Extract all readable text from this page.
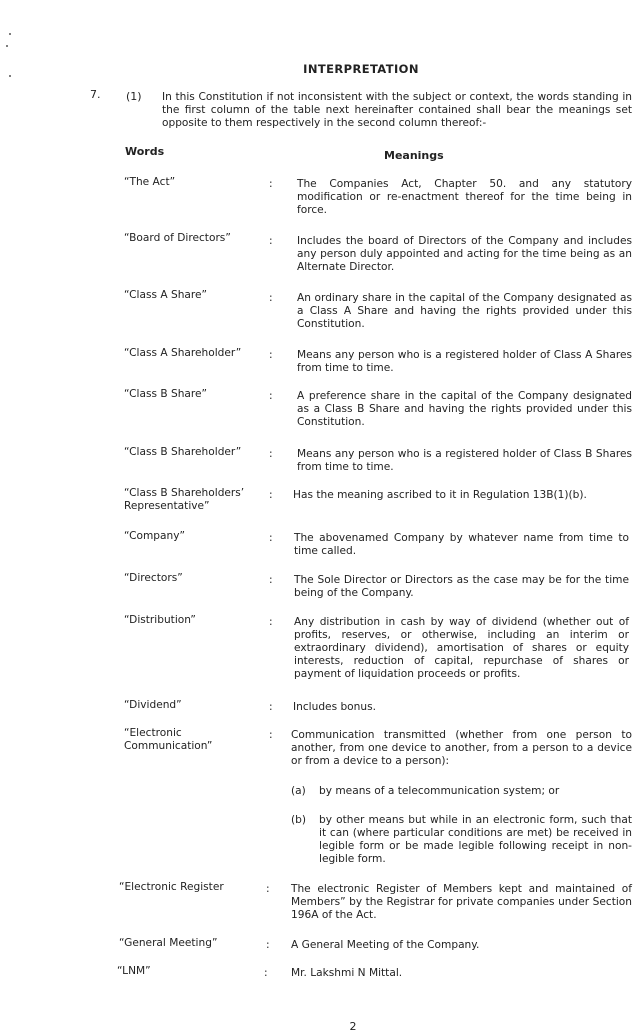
INTERPRETATION
7. (1) In this Constitution if not inconsistent with the subject or context, the words standing in the first column of the table next hereinafter contained shall bear the meanings set opposite to them respectively in the second column thereof:-
Words	Meanings
“The Act”	: The Companies Act, Chapter 50. and any statutory modification or re-enactment thereof for the time being in force.
“Board of Directors”	: Includes the board of Directors of the Company and includes any person duly appointed and acting for the time being as an Alternate Director.
“Class A Share”	: An ordinary share in the capital of the Company designated as a Class A Share and having the rights provided under this Constitution.
“Class A Shareholder”	: Means any person who is a registered holder of Class A Shares from time to time.
“Class B Share”	: A preference share in the capital of the Company designated as a Class B Share and having the rights provided under this Constitution.
“Class B Shareholder”	: Means any person who is a registered holder of Class B Shares from time to time.
“Class B Shareholders’ Representative”
: Has the meaning ascribed to it in Regulation 13B(1)(b).
“Company”	: The abovenamed Company by whatever name from time to time called.
“Directors”	: The Sole Director or Directors as the case may be for the time being of the Company.
“Distribution”	: Any distribution in cash by way of dividend (whether out of profits, reserves, or otherwise, including an interim or extraordinary dividend), amortisation of shares or equity interests, reduction of capital, repurchase of shares or payment of liquidation proceeds or profits.
“Dividend”	: Includes bonus.
“Electronic Communication”
: Communication transmitted (whether from one person to another, from one device to another, from a person to a device or from a device to a person):
(a) by means of a telecommunication system; or
(b) by other means but while in an electronic form, such that it can (where particular conditions are met) be received in legible form or be made legible following receipt in non-legible form.
“Electronic Register	: The electronic Register of Members kept and maintained of Members” by the Registrar for private companies under Section 196A of the Act.
“General Meeting”	: A General Meeting of the Company.
“LNM”	: Mr. Lakshmi N Mittal.
2
